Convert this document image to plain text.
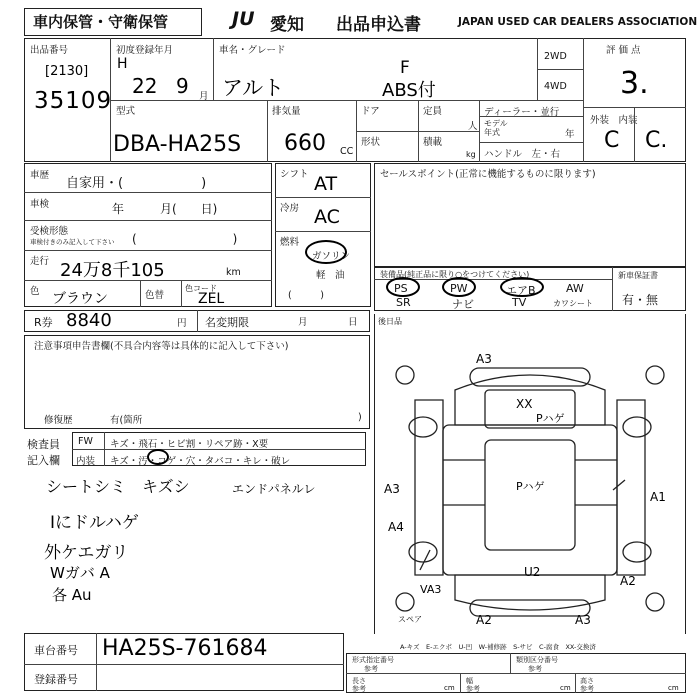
車内保管・守衛保管	JU 愛知 出品申込書	JAPAN USED CAR DEALERS ASSOCIATION
出品番号
[2130]
35109
初度登録年月
H
22 9 月
車名・グレード
アルト
F
ABS付
2WD
4WD
型式
DBA-HA25S
排気量
660 CC
ドア
形状
定員
人
積載
kg
ディーラー・並行
モデル
年式	年
ハンドル　左・右
評価点
3.
外装　内装
C C.
車歴
自家用・(　　　　　　)
車検	年　　　月(　　日)
受検形態
車検付きのみ記入して下さい (　　　　　　　　)
走行 24万8千105	km
色 ブラウン	色替
色コード
ZEL
シフト AT
冷房 AC
燃料
ガソリン
軽　油
(　　　)
セールスポイント(正常に機能するものに限ります)
装備品(純正品に限り○をつけてください)
PS
SR
PW
ナビ
エアB
TV
AW
カワシート
新車保証書
有・無
R券 8840	円 名変期限	月	日	後日品
注意事項申告書欄(不具合内容等は具体的に記入して下さい)
修復歴	有(箇所	)
検査員
記入欄
FW キズ・飛石・ヒビ割・リペア跡・X要
内装 キズ・汚・コゲ・穴・タバコ・キレ・破レ
シートシミ　キズシ	エンドパネルレ
Iにドルハゲ
外ケエガリ
Wガバ A
各 Au
A3
XX
Pハゲ
Pハゲ
A3
A1
A4
U2
A2
VA3
A2	A3
スペア
A-キズ　E-エクボ　U-凹　W-補修跡　S-サビ　C-腐食　XX-交換済
車台番号 HA25S-761684
登録番号
形式指定番号
参考
類別区分番号
参考
長さ
参考	cm
幅
参考	cm
高さ
参考	cm
